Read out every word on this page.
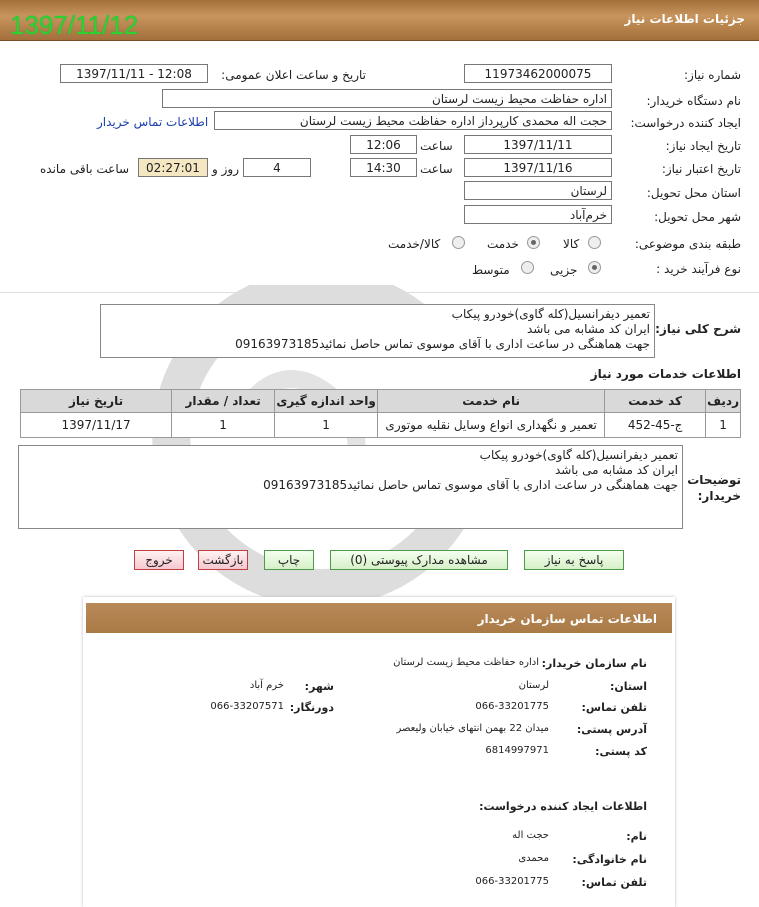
جزئیات اطلاعات نیاز
1397/11/12
شماره نیاز:
11973462000075
تاریخ و ساعت اعلان عمومی:
1397/11/11 - 12:08
نام دستگاه خریدار:
اداره حفاظت محیط زیست لرستان
ایجاد کننده درخواست:
حجت اله محمدی کارپرداز اداره حفاظت محیط زیست لرستان
اطلاعات تماس خریدار
تاریخ ایجاد نیاز:
1397/11/11
ساعت
12:06
تاریخ اعتبار نیاز:
1397/11/16
ساعت
14:30
4
روز و
02:27:01
ساعت باقی مانده
استان محل تحویل:
لرستان
شهر محل تحویل:
خرم‌آباد
طبقه بندی موضوعی:
کالا
خدمت
کالا/خدمت
نوع فرآیند خرید :
جزیی
متوسط
شرح کلی نیاز:
تعمیر دیفرانسیل(کله گاوی)خودرو پیکاب
ایران کد مشابه می باشد
جهت هماهنگی در ساعت اداری با آقای موسوی تماس حاصل نمائید09163973185
اطلاعات خدمات مورد نیاز
ردیف	کد خدمت	نام خدمت	واحد اندازه گیری	تعداد / مقدار	تاریخ نیاز
1	ج-45-452	تعمیر و نگهداری انواع وسایل نقلیه موتوری	1	1	1397/11/17
توضیحات خریدار:
تعمیر دیفرانسیل(کله گاوی)خودرو پیکاب
ایران کد مشابه می باشد
جهت هماهنگی در ساعت اداری با آقای موسوی تماس حاصل نمائید09163973185
پاسخ به نیاز
مشاهده مدارک پیوستی (0)
چاپ
بازگشت
خروج
اطلاعات تماس سازمان خریدار
نام سازمان خریدار:
اداره حفاظت محیط زیست لرستان
استان:
لرستان
شهر:
خرم آباد
تلفن تماس:
066-33201775
دورنگار:
066-33207571
آدرس پستی:
میدان 22 بهمن انتهای خیابان ولیعصر
کد پستی:
6814997971
اطلاعات ایجاد کننده درخواست:
نام:
حجت اله
نام خانوادگی:
محمدی
تلفن تماس:
066-33201775
